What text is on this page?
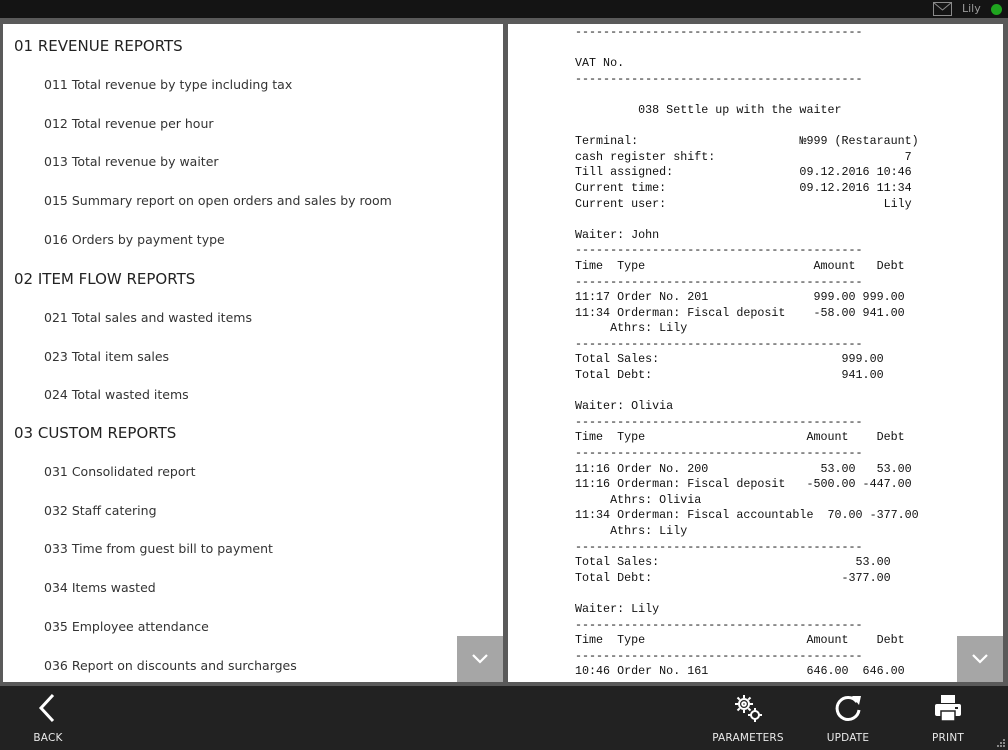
Lily
01 REVENUE REPORTS
011 Total revenue by type including tax
012 Total revenue per hour
013 Total revenue by waiter
015 Summary report on open orders and sales by room
016 Orders by payment type
02 ITEM FLOW REPORTS
021 Total sales and wasted items
023 Total item sales
024 Total wasted items
03 CUSTOM REPORTS
031 Consolidated report
032 Staff catering
033 Time from guest bill to payment
034 Items wasted
035 Employee attendance
036 Report on discounts and surcharges
-----------------------------------------
VAT No.
-----------------------------------------
038 Settle up with the waiter
Terminal:                       №999 (Restaraunt)
cash register shift:                           7
Till assigned:                  09.12.2016 10:46
Current time:                   09.12.2016 11:34
Current user:                               Lily
Waiter: John
-----------------------------------------
Time  Type                        Amount   Debt
-----------------------------------------
11:17 Order No. 201               999.00 999.00
11:34 Orderman: Fiscal deposit    -58.00 941.00
Athrs: Lily
-----------------------------------------
Total Sales:                          999.00
Total Debt:                           941.00
Waiter: Olivia
-----------------------------------------
Time  Type                       Amount    Debt
-----------------------------------------
11:16 Order No. 200                53.00   53.00
11:16 Orderman: Fiscal deposit   -500.00 -447.00
Athrs: Olivia
11:34 Orderman: Fiscal accountable  70.00 -377.00
Athrs: Lily
-----------------------------------------
Total Sales:                            53.00
Total Debt:                           -377.00
Waiter: Lily
-----------------------------------------
Time  Type                       Amount    Debt
-----------------------------------------
10:46 Order No. 161              646.00  646.00
BACK	PARAMETERS	UPDATE	PRINT
